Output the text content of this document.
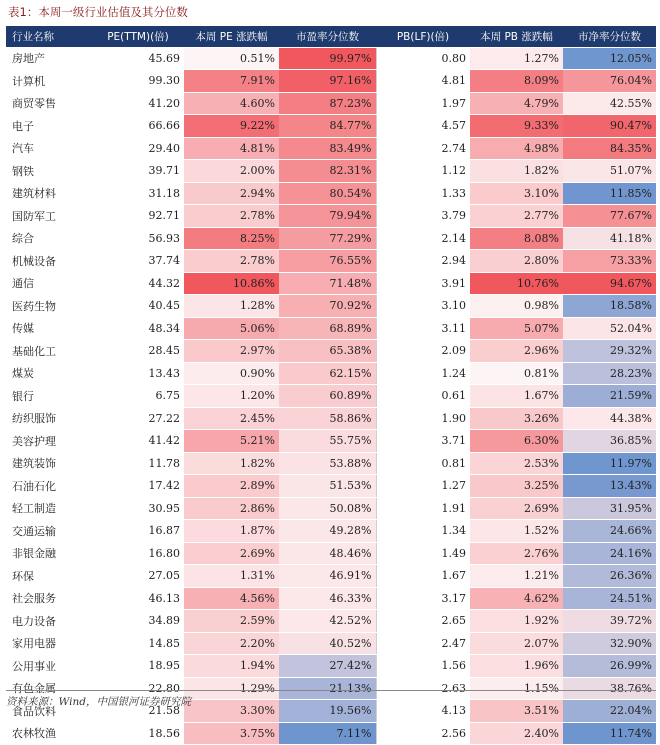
表1：本周一级行业估值及其分位数
行业名称	PE(TTM)(倍)	本周 PE 涨跌幅	市盈率分位数	PB(LF)(倍)	本周 PB 涨跌幅	市净率分位数
房地产	45.69	0.51%	99.97%	0.80	1.27%	12.05%
计算机	99.30	7.91%	97.16%	4.81	8.09%	76.04%
商贸零售	41.20	4.60%	87.23%	1.97	4.79%	42.55%
电子	66.66	9.22%	84.77%	4.57	9.33%	90.47%
汽车	29.40	4.81%	83.49%	2.74	4.98%	84.35%
钢铁	39.71	2.00%	82.31%	1.12	1.82%	51.07%
建筑材料	31.18	2.94%	80.54%	1.33	3.10%	11.85%
国防军工	92.71	2.78%	79.94%	3.79	2.77%	77.67%
综合	56.93	8.25%	77.29%	2.14	8.08%	41.18%
机械设备	37.74	2.78%	76.55%	2.94	2.80%	73.33%
通信	44.32	10.86%	71.48%	3.91	10.76%	94.67%
医药生物	40.45	1.28%	70.92%	3.10	0.98%	18.58%
传媒	48.34	5.06%	68.89%	3.11	5.07%	52.04%
基础化工	28.45	2.97%	65.38%	2.09	2.96%	29.32%
煤炭	13.43	0.90%	62.15%	1.24	0.81%	28.23%
银行	6.75	1.20%	60.89%	0.61	1.67%	21.59%
纺织服饰	27.22	2.45%	58.86%	1.90	3.26%	44.38%
美容护理	41.42	5.21%	55.75%	3.71	6.30%	36.85%
建筑装饰	11.78	1.82%	53.88%	0.81	2.53%	11.97%
石油石化	17.42	2.89%	51.53%	1.27	3.25%	13.43%
轻工制造	30.95	2.86%	50.08%	1.91	2.69%	31.95%
交通运输	16.87	1.87%	49.28%	1.34	1.52%	24.66%
非银金融	16.80	2.69%	48.46%	1.49	2.76%	24.16%
环保	27.05	1.31%	46.91%	1.67	1.21%	26.36%
社会服务	46.13	4.56%	46.33%	3.17	4.62%	24.51%
电力设备	34.89	2.59%	42.52%	2.65	1.92%	39.72%
家用电器	14.85	2.20%	40.52%	2.47	2.07%	32.90%
公用事业	18.95	1.94%	27.42%	1.56	1.96%	26.99%
有色金属	22.80	1.29%	21.13%	2.63	1.15%	38.76%
食品饮料	21.58	3.30%	19.56%	4.13	3.51%	22.04%
农林牧渔	18.56	3.75%	7.11%	2.56	2.40%	11.74%
资料来源：Wind，中国银河证券研究院
